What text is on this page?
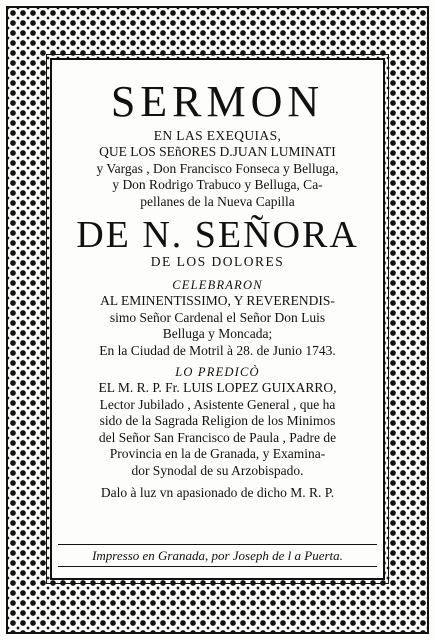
SERMON
EN LAS EXEQUIAS,
QUE LOS SEñORES D.JUAN LUMINATI
y Vargas , Don Francisco Fonseca y Belluga,
y Don Rodrigo Trabuco y Belluga, Ca-
pellanes de la Nueva Capilla
DE N. SEÑORA
DE LOS DOLORES
CELEBRARON
AL EMINENTISSIMO, Y REVERENDIS-
simo Señor Cardenal el Señor Don Luis
Belluga y Moncada;
En la Ciudad de Motril à 28. de Junio 1743.
LO PREDICÒ
EL M. R. P. Fr. LUIS LOPEZ GUIXARRO,
Lector Jubilado , Asistente General , que ha
sido de la Sagrada Religion de los Minimos
del Señor San Francisco de Paula , Padre de
Provincia en la de Granada, y Examina-
dor Synodal de su Arzobispado.
Dalo à luz vn apasionado de dicho M. R. P.
Impresso en Granada, por Joseph de l a Puerta.
